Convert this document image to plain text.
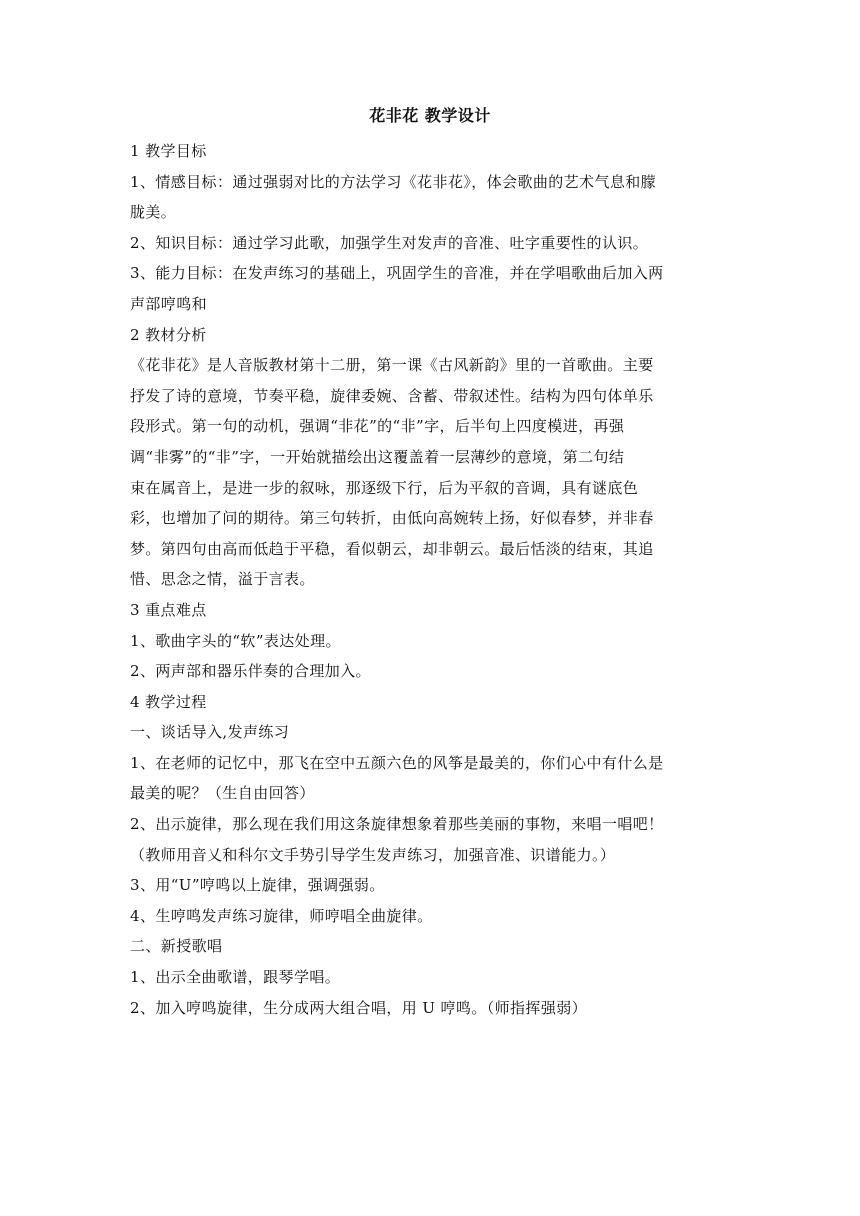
花非花 教学设计

1 教学目标
1、情感目标：通过强弱对比的方法学习《花非花》，体会歌曲的艺术气息和朦
胧美。
2、知识目标：通过学习此歌，加强学生对发声的音准、吐字重要性的认识。
3、能力目标：在发声练习的基础上，巩固学生的音准，并在学唱歌曲后加入两
声部哼鸣和
2 教材分析
《花非花》是人音版教材第十二册，第一课《古风新韵》里的一首歌曲。主要
抒发了诗的意境，节奏平稳，旋律委婉、含蓄、带叙述性。结构为四句体单乐
段形式。第一句的动机，强调“非花”的“非”字，后半句上四度模进，再强
调“非雾”的“非”字，一开始就描绘出这覆盖着一层薄纱的意境，第二句结
束在属音上，是进一步的叙咏，那逐级下行，后为平叙的音调，具有谜底色
彩，也增加了问的期待。第三句转折，由低向高婉转上扬，好似春梦，并非春
梦。第四句由高而低趋于平稳，看似朝云，却非朝云。最后恬淡的结束，其追
惜、思念之情，溢于言表。
3 重点难点
1、歌曲字头的“软”表达处理。
2、两声部和器乐伴奏的合理加入。
4 教学过程
一、谈话导入,发声练习
1、在老师的记忆中，那飞在空中五颜六色的风筝是最美的，你们心中有什么是
最美的呢？（生自由回答）
2、出示旋律，那么现在我们用这条旋律想象着那些美丽的事物，来唱一唱吧！
（教师用音乂和科尔文手势引导学生发声练习，加强音准、识谱能力。）
3、用“U”哼鸣以上旋律，强调强弱。
4、生哼鸣发声练习旋律，师哼唱全曲旋律。
二、新授歌唱
1、出示全曲歌谱，跟琴学唱。
2、加入哼鸣旋律，生分成两大组合唱，用 U 哼鸣。（师指挥强弱）
